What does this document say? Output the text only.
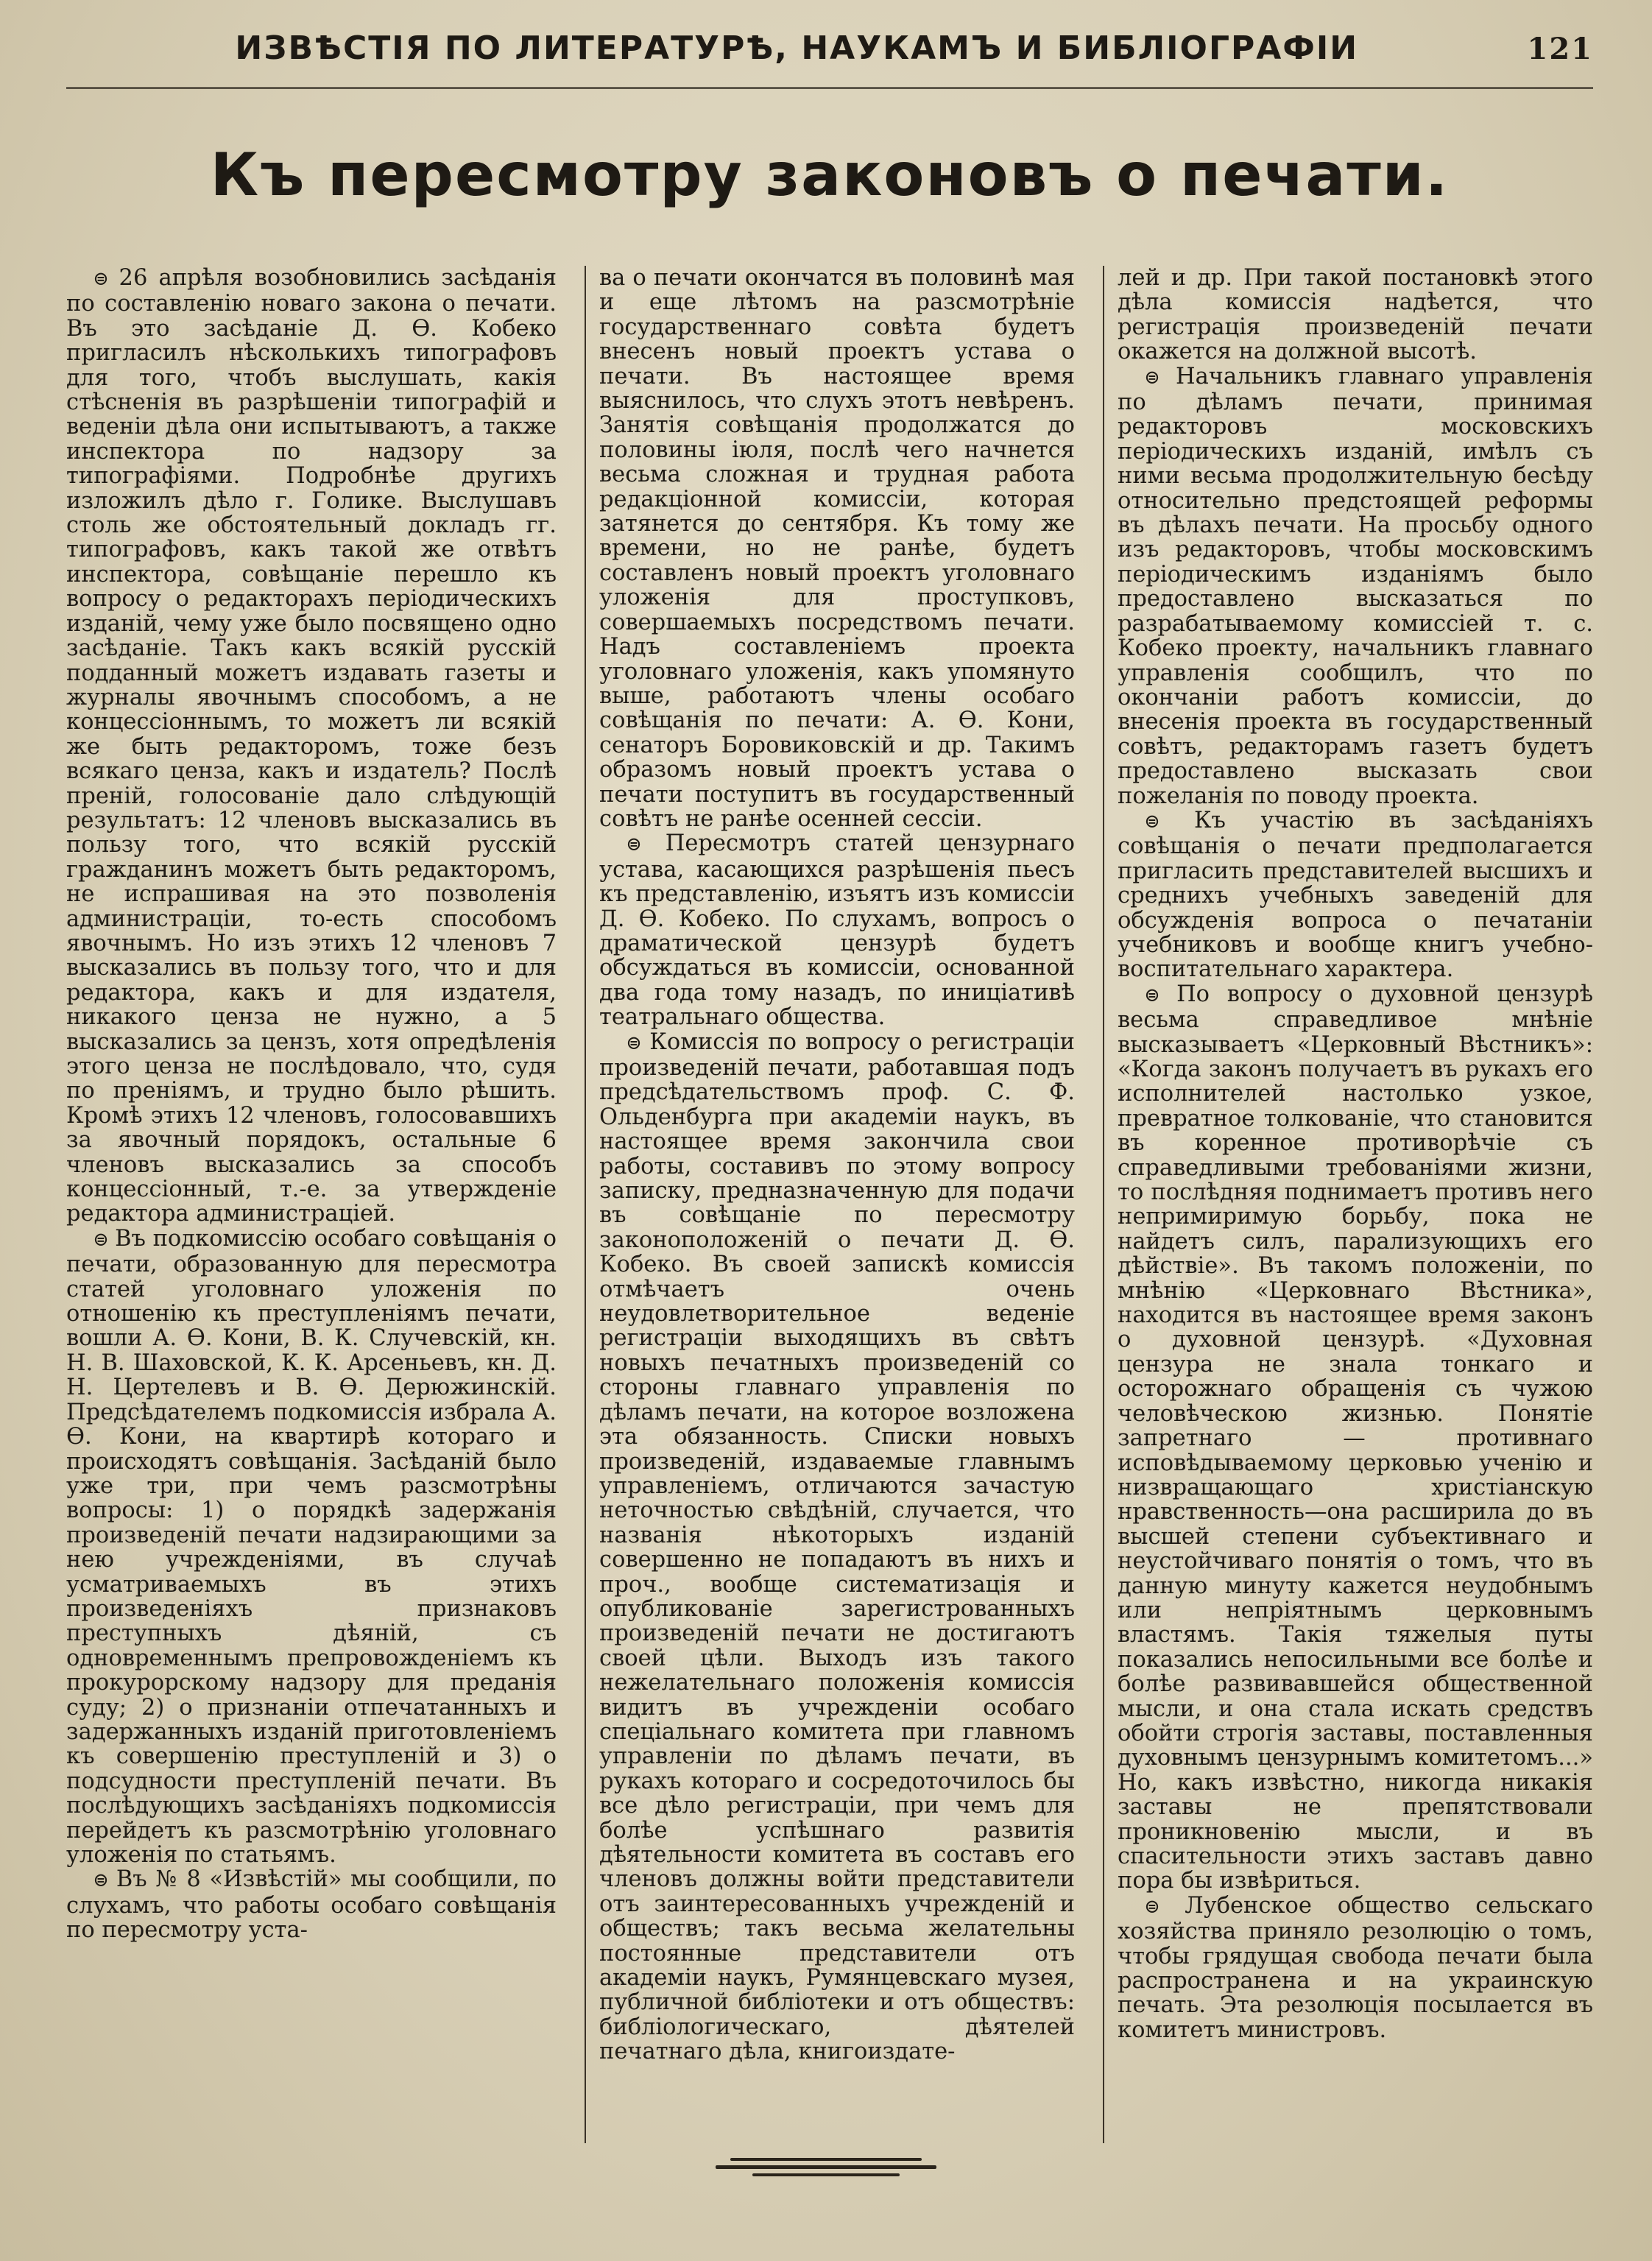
ИЗВѢСТІЯ ПО ЛИТЕРАТУРѢ, НАУКАМЪ И БИБЛІОГРАФІИ	121
Къ пересмотру законовъ о печати.

⊜ 26 апрѣля возобновились засѣданія по составленію новаго закона о печати. Въ это засѣданіе Д. Ѳ. Кобеко пригласилъ нѣсколькихъ типографовъ для того, чтобъ выслушать, какія стѣсненія въ разрѣшеніи типографій и веденіи дѣла они испытываютъ, а также инспектора по надзору за типографіями. Подробнѣе другихъ изложилъ дѣло г. Голике. Выслушавъ столь же обстоятельный докладъ гг. типографовъ, какъ такой же отвѣтъ инспектора, совѣщаніе перешло къ вопросу о редакторахъ періодическихъ изданій, чему уже было посвящено одно засѣданіе. Такъ какъ всякій русскій подданный можетъ издавать газеты и журналы явочнымъ способомъ, а не концессіоннымъ, то можетъ ли всякій же быть редакторомъ, тоже безъ всякаго ценза, какъ и издатель? Послѣ преній, голосованіе дало слѣдующій результатъ: 12 членовъ высказались въ пользу того, что всякій русскій гражданинъ можетъ быть редакторомъ, не испрашивая на это позволенія администраціи, то-есть способомъ явочнымъ. Но изъ этихъ 12 членовъ 7 высказались въ пользу того, что и для редактора, какъ и для издателя, никакого ценза не нужно, а 5 высказались за цензъ, хотя опредѣленія этого ценза не послѣдовало, что, судя по преніямъ, и трудно было рѣшить. Кромѣ этихъ 12 членовъ, голосовавшихъ за явочный порядокъ, остальные 6 членовъ высказались за способъ концессіонный, т.-е. за утвержденіе редактора администраціей.

⊜ Въ подкомиссію особаго совѣщанія о печати, образованную для пересмотра статей уголовнаго уложенія по отношенію къ преступленіямъ печати, вошли А. Ѳ. Кони, В. К. Случевскій, кн. Н. В. Шаховской, К. К. Арсеньевъ, кн. Д. Н. Цертелевъ и В. Ѳ. Дерюжинскій. Предсѣдателемъ подкомиссія избрала А. Ѳ. Кони, на квартирѣ котораго и происходятъ совѣщанія. Засѣданій было уже три, при чемъ разсмотрѣны вопросы: 1) о порядкѣ задержанія произведеній печати надзирающими за нею учрежденіями, въ случаѣ усматриваемыхъ въ этихъ произведеніяхъ признаковъ преступныхъ дѣяній, съ одновременнымъ препровожденіемъ къ прокурорскому надзору для преданія суду; 2) о признаніи отпечатанныхъ и задержанныхъ изданій приготовленіемъ къ совершенію преступленій и 3) о подсудности преступленій печати. Въ послѣдующихъ засѣданіяхъ подкомиссія перейдетъ къ разсмотрѣнію уголовнаго уложенія по статьямъ.

⊜ Въ № 8 «Извѣстій» мы сообщили, по слухамъ, что работы особаго совѣщанія по пересмотру уста-

ва о печати окончатся въ половинѣ мая и еще лѣтомъ на разсмотрѣніе государственнаго совѣта будетъ внесенъ новый проектъ устава о печати. Въ настоящее время выяснилось, что слухъ этотъ невѣренъ. Занятія совѣщанія продолжатся до половины іюля, послѣ чего начнется весьма сложная и трудная работа редакціонной комиссіи, которая затянется до сентября. Къ тому же времени, но не ранѣе, будетъ составленъ новый проектъ уголовнаго уложенія для проступковъ, совершаемыхъ посредствомъ печати. Надъ составленіемъ проекта уголовнаго уложенія, какъ упомянуто выше, работаютъ члены особаго совѣщанія по печати: А. Ѳ. Кони, сенаторъ Боровиковскій и др. Такимъ образомъ новый проектъ устава о печати поступитъ въ государственный совѣтъ не ранѣе осенней сессіи.

⊜ Пересмотръ статей цензурнаго устава, касающихся разрѣшенія пьесъ къ представленію, изъятъ изъ комиссіи Д. Ѳ. Кобеко. По слухамъ, вопросъ о драматической цензурѣ будетъ обсуждаться въ комиссіи, основанной два года тому назадъ, по иниціативѣ театральнаго общества.

⊜ Комиссія по вопросу о регистраціи произведеній печати, работавшая подъ предсѣдательствомъ проф. С. Ф. Ольденбурга при академіи наукъ, въ настоящее время закончила свои работы, составивъ по этому вопросу записку, предназначенную для подачи въ совѣщаніе по пересмотру законоположеній о печати Д. Ѳ. Кобеко. Въ своей запискѣ комиссія отмѣчаетъ очень неудовлетворительное веденіе регистраціи выходящихъ въ свѣтъ новыхъ печатныхъ произведеній со стороны главнаго управленія по дѣламъ печати, на которое возложена эта обязанность. Списки новыхъ произведеній, издаваемые главнымъ управленіемъ, отличаются зачастую неточностью свѣдѣній, случается, что названія нѣкоторыхъ изданій совершенно не попадаютъ въ нихъ и проч., вообще систематизація и опубликованіе зарегистрованныхъ произведеній печати не достигаютъ своей цѣли. Выходъ изъ такого нежелательнаго положенія комиссія видитъ въ учрежденіи особаго спеціальнаго комитета при главномъ управленіи по дѣламъ печати, въ рукахъ котораго и сосредоточилось бы все дѣло регистраціи, при чемъ для болѣе успѣшнаго развитія дѣятельности комитета въ составъ его членовъ должны войти представители отъ заинтересованныхъ учрежденій и обществъ; такъ весьма желательны постоянные представители отъ академіи наукъ, Румянцевскаго музея, публичной библіотеки и отъ обществъ: библіологическаго, дѣятелей печатнаго дѣла, книгоиздате-

лей и др. При такой постановкѣ этого дѣла комиссія надѣется, что регистрація произведеній печати окажется на должной высотѣ.

⊜ Начальникъ главнаго управленія по дѣламъ печати, принимая редакторовъ московскихъ періодическихъ изданій, имѣлъ съ ними весьма продолжительную бесѣду относительно предстоящей реформы въ дѣлахъ печати. На просьбу одного изъ редакторовъ, чтобы московскимъ періодическимъ изданіямъ было предоставлено высказаться по разрабатываемому комиссіей т. с. Кобеко проекту, начальникъ главнаго управленія сообщилъ, что по окончаніи работъ комиссіи, до внесенія проекта въ государственный совѣтъ, редакторамъ газетъ будетъ предоставлено высказать свои пожеланія по поводу проекта.

⊜ Къ участію въ засѣданіяхъ совѣщанія о печати предполагается пригласить представителей высшихъ и среднихъ учебныхъ заведеній для обсужденія вопроса о печатаніи учебниковъ и вообще книгъ учебно-воспитательнаго характера.

⊜ По вопросу о духовной цензурѣ весьма справедливое мнѣніе высказываетъ «Церковный Вѣстникъ»: «Когда законъ получаетъ въ рукахъ его исполнителей настолько узкое, превратное толкованіе, что становится въ коренное противорѣчіе съ справедливыми требованіями жизни, то послѣдняя поднимаетъ противъ него непримиримую борьбу, пока не найдетъ силъ, парализующихъ его дѣйствіе». Въ такомъ положеніи, по мнѣнію «Церковнаго Вѣстника», находится въ настоящее время законъ о духовной цензурѣ. «Духовная цензура не знала тонкаго и осторожнаго обращенія съ чужою человѣческою жизнью. Понятіе запретнаго — противнаго исповѣдываемому церковью ученію и низвращающаго христіанскую нравственность—она расширила до въ высшей степени субъективнаго и неустойчиваго понятія о томъ, что въ данную минуту кажется неудобнымъ или непріятнымъ церковнымъ властямъ. Такія тяжелыя путы показались непосильными все болѣе и болѣе развивавшейся общественной мысли, и она стала искать средствъ обойти строгія заставы, поставленныя духовнымъ цензурнымъ комитетомъ...» Но, какъ извѣстно, никогда никакія заставы не препятствовали проникновенію мысли, и въ спасительности этихъ заставъ давно пора бы извѣриться.

⊜ Лубенское общество сельскаго хозяйства приняло резолюцію о томъ, чтобы грядущая свобода печати была распространена и на украинскую печать. Эта резолюція посылается въ комитетъ министровъ.
